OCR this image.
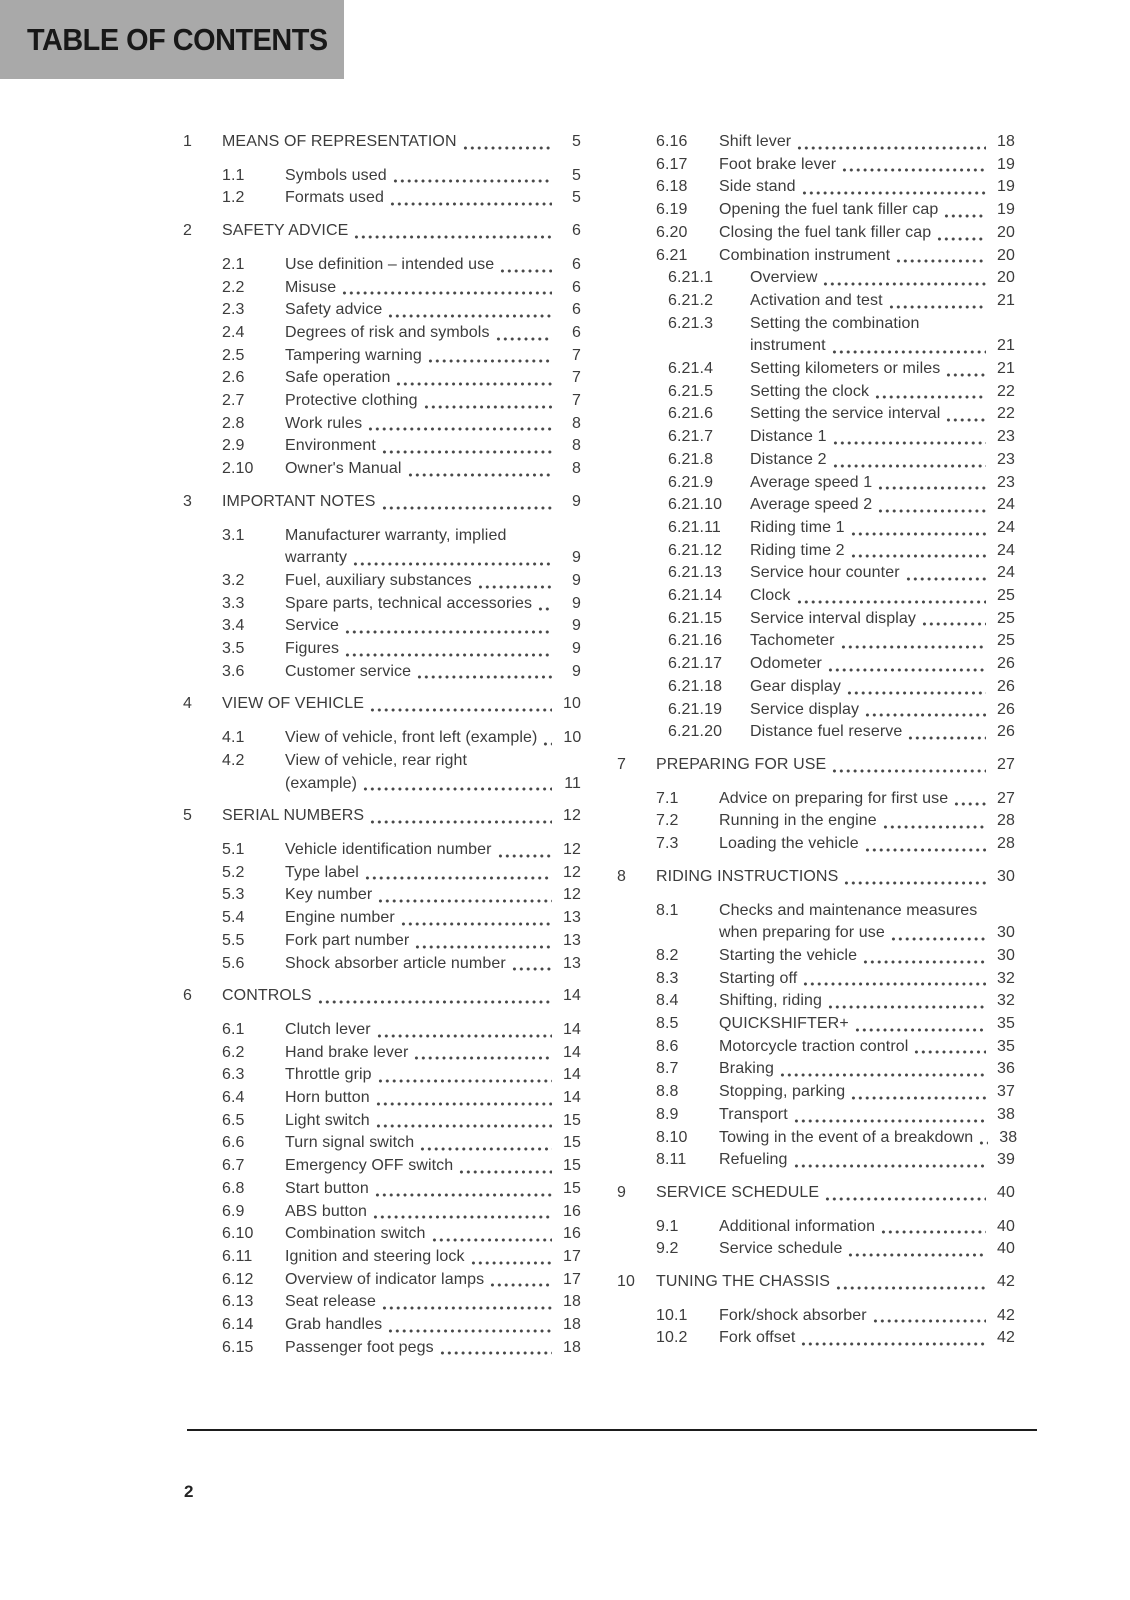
TABLE OF CONTENTS
1	MEANS OF REPRESENTATION	5
1.1	Symbols used	5
1.2	Formats used	5
2	SAFETY ADVICE	6
2.1	Use definition – intended use	6
2.2	Misuse	6
2.3	Safety advice	6
2.4	Degrees of risk and symbols	6
2.5	Tampering warning	7
2.6	Safe operation	7
2.7	Protective clothing	7
2.8	Work rules	8
2.9	Environment	8
2.10	Owner's Manual	8
3	IMPORTANT NOTES	9
3.1	Manufacturer warranty, implied
warranty	9
3.2	Fuel, auxiliary substances	9
3.3	Spare parts, technical accessories	9
3.4	Service	9
3.5	Figures	9
3.6	Customer service	9
4	VIEW OF VEHICLE	10
4.1	View of vehicle, front left (example)	10
4.2	View of vehicle, rear right
(example)	11
5	SERIAL NUMBERS	12
5.1	Vehicle identification number	12
5.2	Type label	12
5.3	Key number	12
5.4	Engine number	13
5.5	Fork part number	13
5.6	Shock absorber article number	13
6	CONTROLS	14
6.1	Clutch lever	14
6.2	Hand brake lever	14
6.3	Throttle grip	14
6.4	Horn button	14
6.5	Light switch	15
6.6	Turn signal switch	15
6.7	Emergency OFF switch	15
6.8	Start button	15
6.9	ABS button	16
6.10	Combination switch	16
6.11	Ignition and steering lock	17
6.12	Overview of indicator lamps	17
6.13	Seat release	18
6.14	Grab handles	18
6.15	Passenger foot pegs	18
6.16	Shift lever	18
6.17	Foot brake lever	19
6.18	Side stand	19
6.19	Opening the fuel tank filler cap	19
6.20	Closing the fuel tank filler cap	20
6.21	Combination instrument	20
6.21.1	Overview	20
6.21.2	Activation and test	21
6.21.3	Setting the combination
instrument	21
6.21.4	Setting kilometers or miles	21
6.21.5	Setting the clock	22
6.21.6	Setting the service interval	22
6.21.7	Distance 1	23
6.21.8	Distance 2	23
6.21.9	Average speed 1	23
6.21.10	Average speed 2	24
6.21.11	Riding time 1	24
6.21.12	Riding time 2	24
6.21.13	Service hour counter	24
6.21.14	Clock	25
6.21.15	Service interval display	25
6.21.16	Tachometer	25
6.21.17	Odometer	26
6.21.18	Gear display	26
6.21.19	Service display	26
6.21.20	Distance fuel reserve	26
7	PREPARING FOR USE	27
7.1	Advice on preparing for first use	27
7.2	Running in the engine	28
7.3	Loading the vehicle	28
8	RIDING INSTRUCTIONS	30
8.1	Checks and maintenance measures
when preparing for use	30
8.2	Starting the vehicle	30
8.3	Starting off	32
8.4	Shifting, riding	32
8.5	QUICKSHIFTER+	35
8.6	Motorcycle traction control	35
8.7	Braking	36
8.8	Stopping, parking	37
8.9	Transport	38
8.10	Towing in the event of a breakdown	38
8.11	Refueling	39
9	SERVICE SCHEDULE	40
9.1	Additional information	40
9.2	Service schedule	40
10	TUNING THE CHASSIS	42
10.1	Fork/shock absorber	42
10.2	Fork offset	42
2
